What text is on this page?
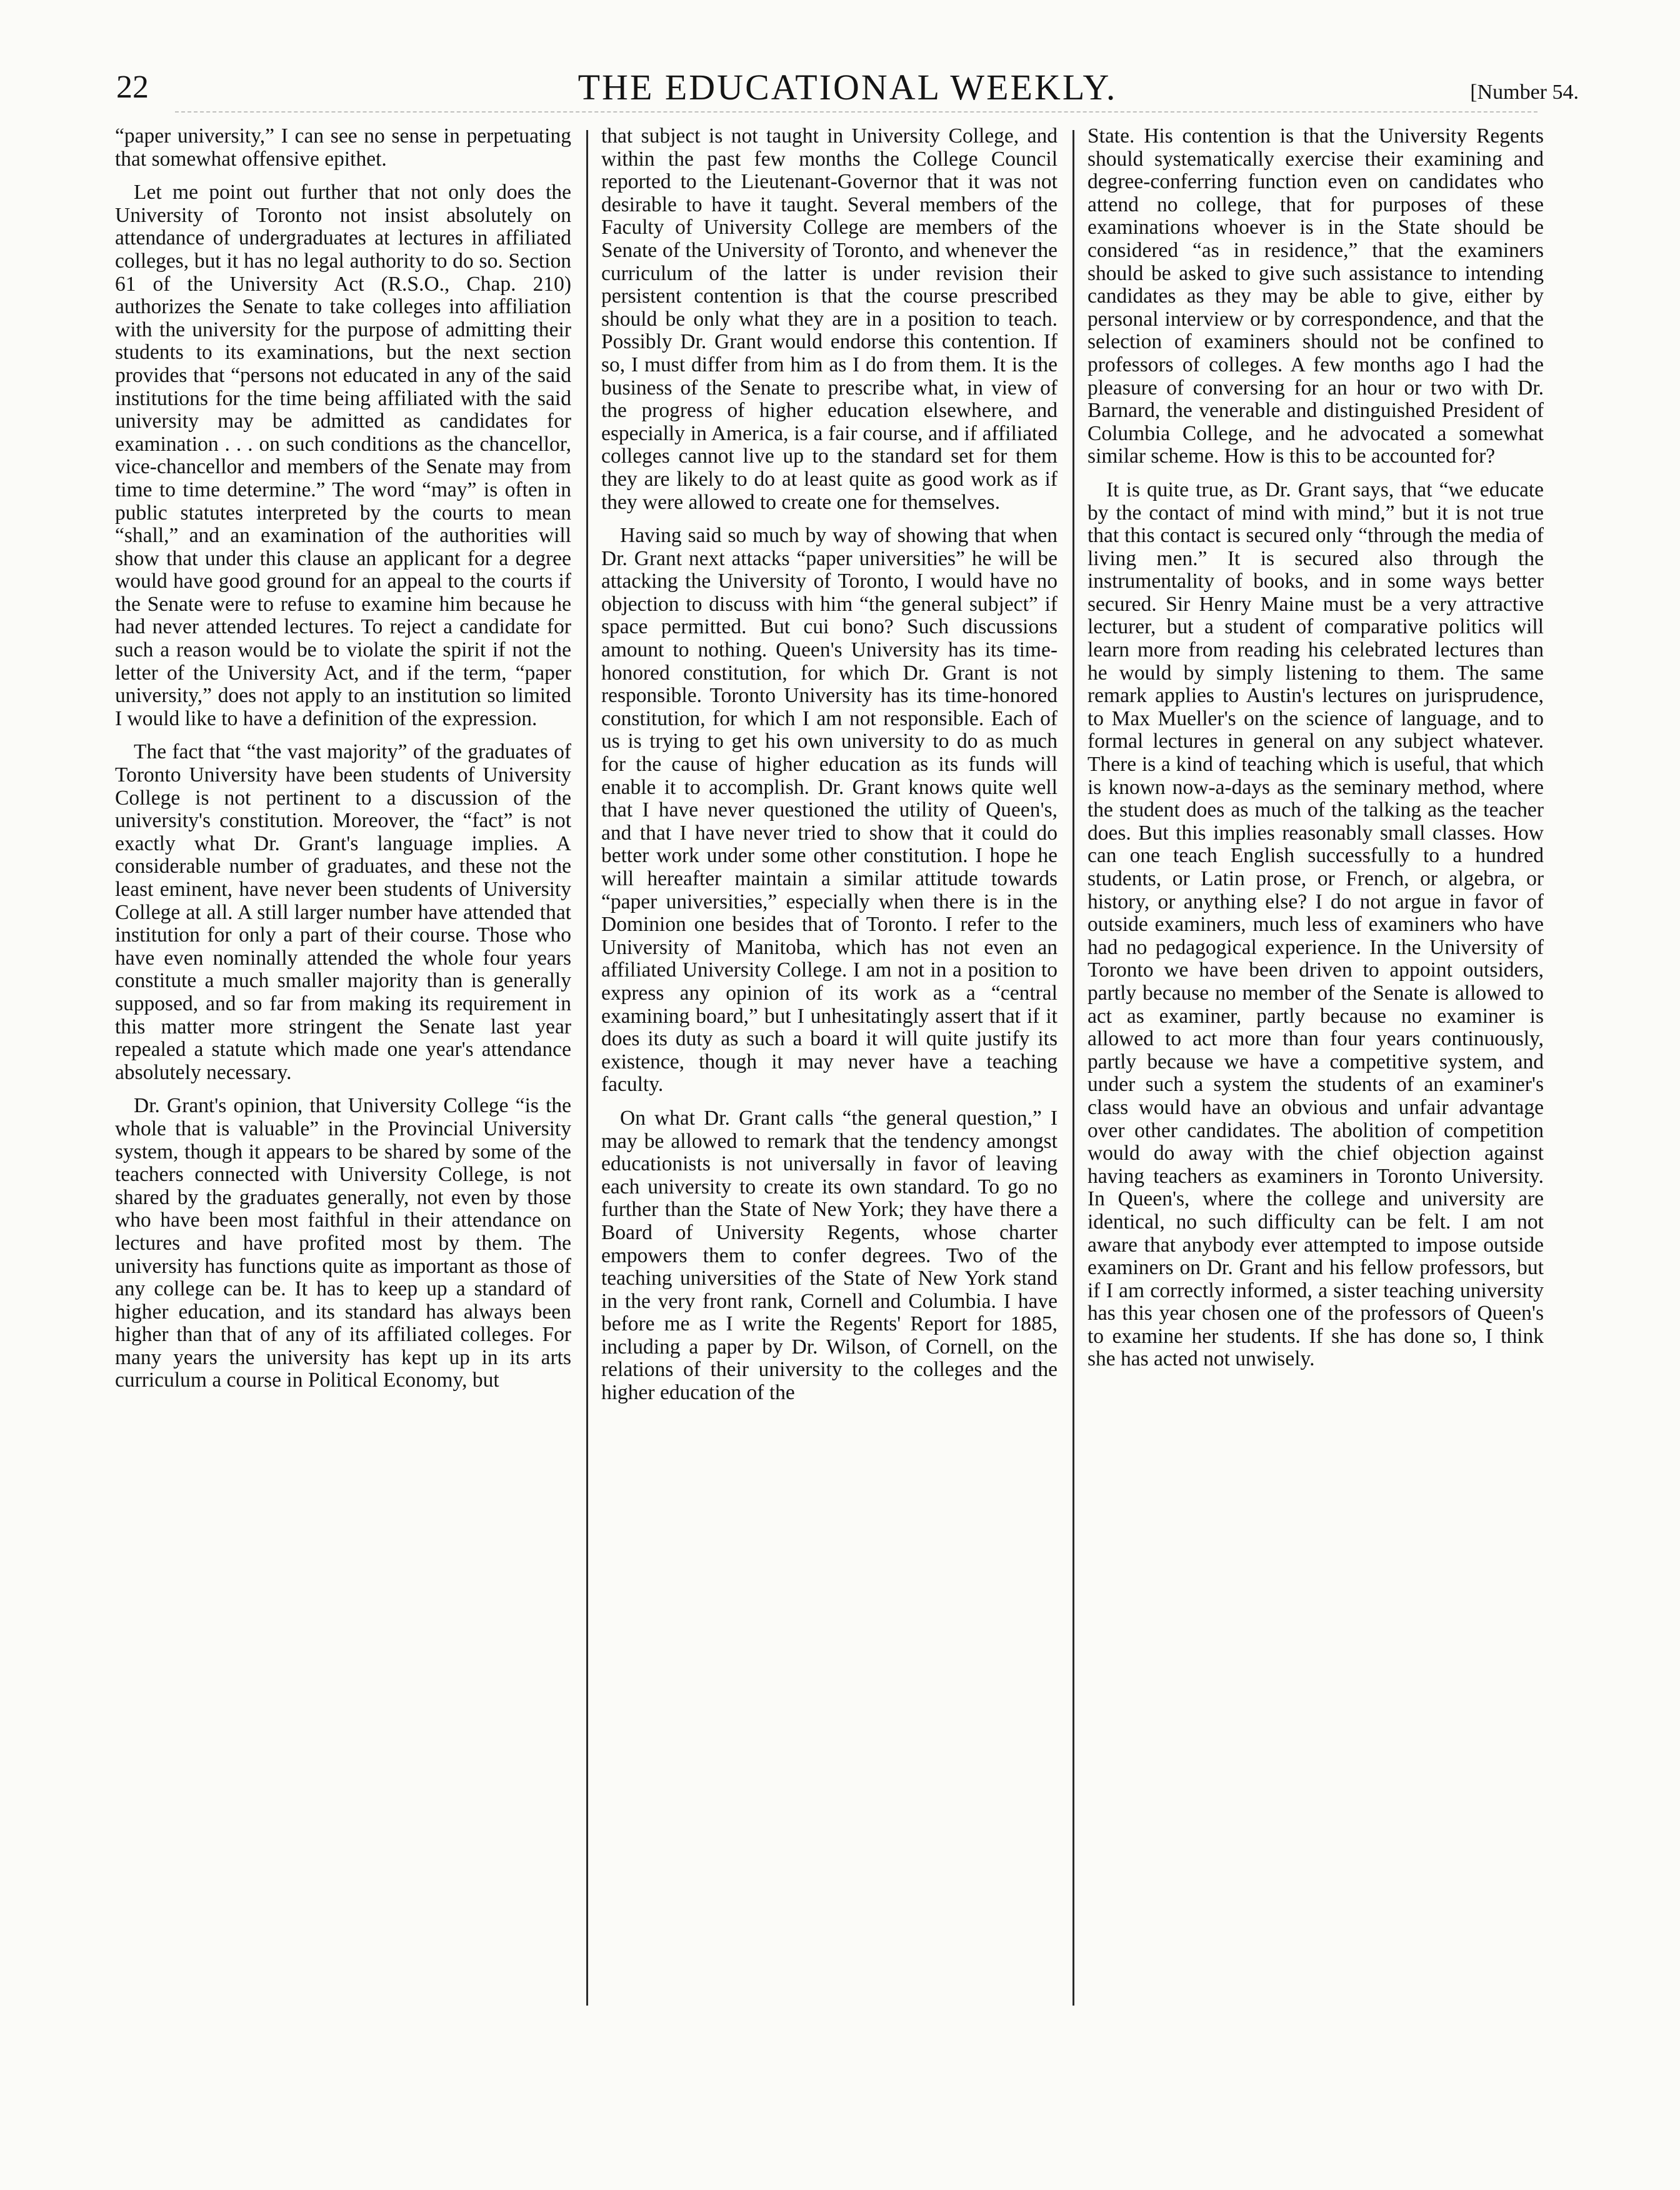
22	THE EDUCATIONAL WEEKLY.	[Number 54.

“paper university,” I can see no sense in perpetuating that somewhat offensive epithet.

Let me point out further that not only does the University of Toronto not insist absolutely on attendance of undergraduates at lectures in affiliated colleges, but it has no legal authority to do so. Section 61 of the University Act (R.S.O., Chap. 210) authorizes the Senate to take colleges into affiliation with the university for the purpose of admitting their students to its examinations, but the next section provides that “persons not educated in any of the said institutions for the time being affiliated with the said university may be admitted as candidates for examination . . . on such conditions as the chancellor, vice-chancellor and members of the Senate may from time to time determine.” The word “may” is often in public statutes interpreted by the courts to mean “shall,” and an examination of the authorities will show that under this clause an applicant for a degree would have good ground for an appeal to the courts if the Senate were to refuse to examine him because he had never attended lectures. To reject a candidate for such a reason would be to violate the spirit if not the letter of the University Act, and if the term, “paper university,” does not apply to an institution so limited I would like to have a definition of the expression.

The fact that “the vast majority” of the graduates of Toronto University have been students of University College is not pertinent to a discussion of the university's constitution. Moreover, the “fact” is not exactly what Dr. Grant's language implies. A considerable number of graduates, and these not the least eminent, have never been students of University College at all. A still larger number have attended that institution for only a part of their course. Those who have even nominally attended the whole four years constitute a much smaller majority than is generally supposed, and so far from making its requirement in this matter more stringent the Senate last year repealed a statute which made one year's attendance absolutely necessary.

Dr. Grant's opinion, that University College “is the whole that is valuable” in the Provincial University system, though it appears to be shared by some of the teachers connected with University College, is not shared by the graduates generally, not even by those who have been most faithful in their attendance on lectures and have profited most by them. The university has functions quite as important as those of any college can be. It has to keep up a standard of higher education, and its standard has always been higher than that of any of its affiliated colleges. For many years the university has kept up in its arts curriculum a course in Political Economy, but

that subject is not taught in University College, and within the past few months the College Council reported to the Lieutenant-Governor that it was not desirable to have it taught. Several members of the Faculty of University College are members of the Senate of the University of Toronto, and whenever the curriculum of the latter is under revision their persistent contention is that the course prescribed should be only what they are in a position to teach. Possibly Dr. Grant would endorse this contention. If so, I must differ from him as I do from them. It is the business of the Senate to prescribe what, in view of the progress of higher education elsewhere, and especially in America, is a fair course, and if affiliated colleges cannot live up to the standard set for them they are likely to do at least quite as good work as if they were allowed to create one for themselves.

Having said so much by way of showing that when Dr. Grant next attacks “paper universities” he will be attacking the University of Toronto, I would have no objection to discuss with him “the general subject” if space permitted. But cui bono? Such discussions amount to nothing. Queen's University has its time-honored constitution, for which Dr. Grant is not responsible. Toronto University has its time-honored constitution, for which I am not responsible. Each of us is trying to get his own university to do as much for the cause of higher education as its funds will enable it to accomplish. Dr. Grant knows quite well that I have never questioned the utility of Queen's, and that I have never tried to show that it could do better work under some other constitution. I hope he will hereafter maintain a similar attitude towards “paper universities,” especially when there is in the Dominion one besides that of Toronto. I refer to the University of Manitoba, which has not even an affiliated University College. I am not in a position to express any opinion of its work as a “central examining board,” but I unhesitatingly assert that if it does its duty as such a board it will quite justify its existence, though it may never have a teaching faculty.

On what Dr. Grant calls “the general question,” I may be allowed to remark that the tendency amongst educationists is not universally in favor of leaving each university to create its own standard. To go no further than the State of New York; they have there a Board of University Regents, whose charter empowers them to confer degrees. Two of the teaching universities of the State of New York stand in the very front rank, Cornell and Columbia. I have before me as I write the Regents' Report for 1885, including a paper by Dr. Wilson, of Cornell, on the relations of their university to the colleges and the higher education of the

State. His contention is that the University Regents should systematically exercise their examining and degree-conferring function even on candidates who attend no college, that for purposes of these examinations whoever is in the State should be considered “as in residence,” that the examiners should be asked to give such assistance to intending candidates as they may be able to give, either by personal interview or by correspondence, and that the selection of examiners should not be confined to professors of colleges. A few months ago I had the pleasure of conversing for an hour or two with Dr. Barnard, the venerable and distinguished President of Columbia College, and he advocated a somewhat similar scheme. How is this to be accounted for?

It is quite true, as Dr. Grant says, that “we educate by the contact of mind with mind,” but it is not true that this contact is secured only “through the media of living men.” It is secured also through the instrumentality of books, and in some ways better secured. Sir Henry Maine must be a very attractive lecturer, but a student of comparative politics will learn more from reading his celebrated lectures than he would by simply listening to them. The same remark applies to Austin's lectures on jurisprudence, to Max Mueller's on the science of language, and to formal lectures in general on any subject whatever. There is a kind of teaching which is useful, that which is known now-a-days as the seminary method, where the student does as much of the talking as the teacher does. But this implies reasonably small classes. How can one teach English successfully to a hundred students, or Latin prose, or French, or algebra, or history, or anything else? I do not argue in favor of outside examiners, much less of examiners who have had no pedagogical experience. In the University of Toronto we have been driven to appoint outsiders, partly because no member of the Senate is allowed to act as examiner, partly because no examiner is allowed to act more than four years continuously, partly because we have a competitive system, and under such a system the students of an examiner's class would have an obvious and unfair advantage over other candidates. The abolition of competition would do away with the chief objection against having teachers as examiners in Toronto University. In Queen's, where the college and university are identical, no such difficulty can be felt. I am not aware that anybody ever attempted to impose outside examiners on Dr. Grant and his fellow professors, but if I am correctly informed, a sister teaching university has this year chosen one of the professors of Queen's to examine her students. If she has done so, I think she has acted not unwisely.
